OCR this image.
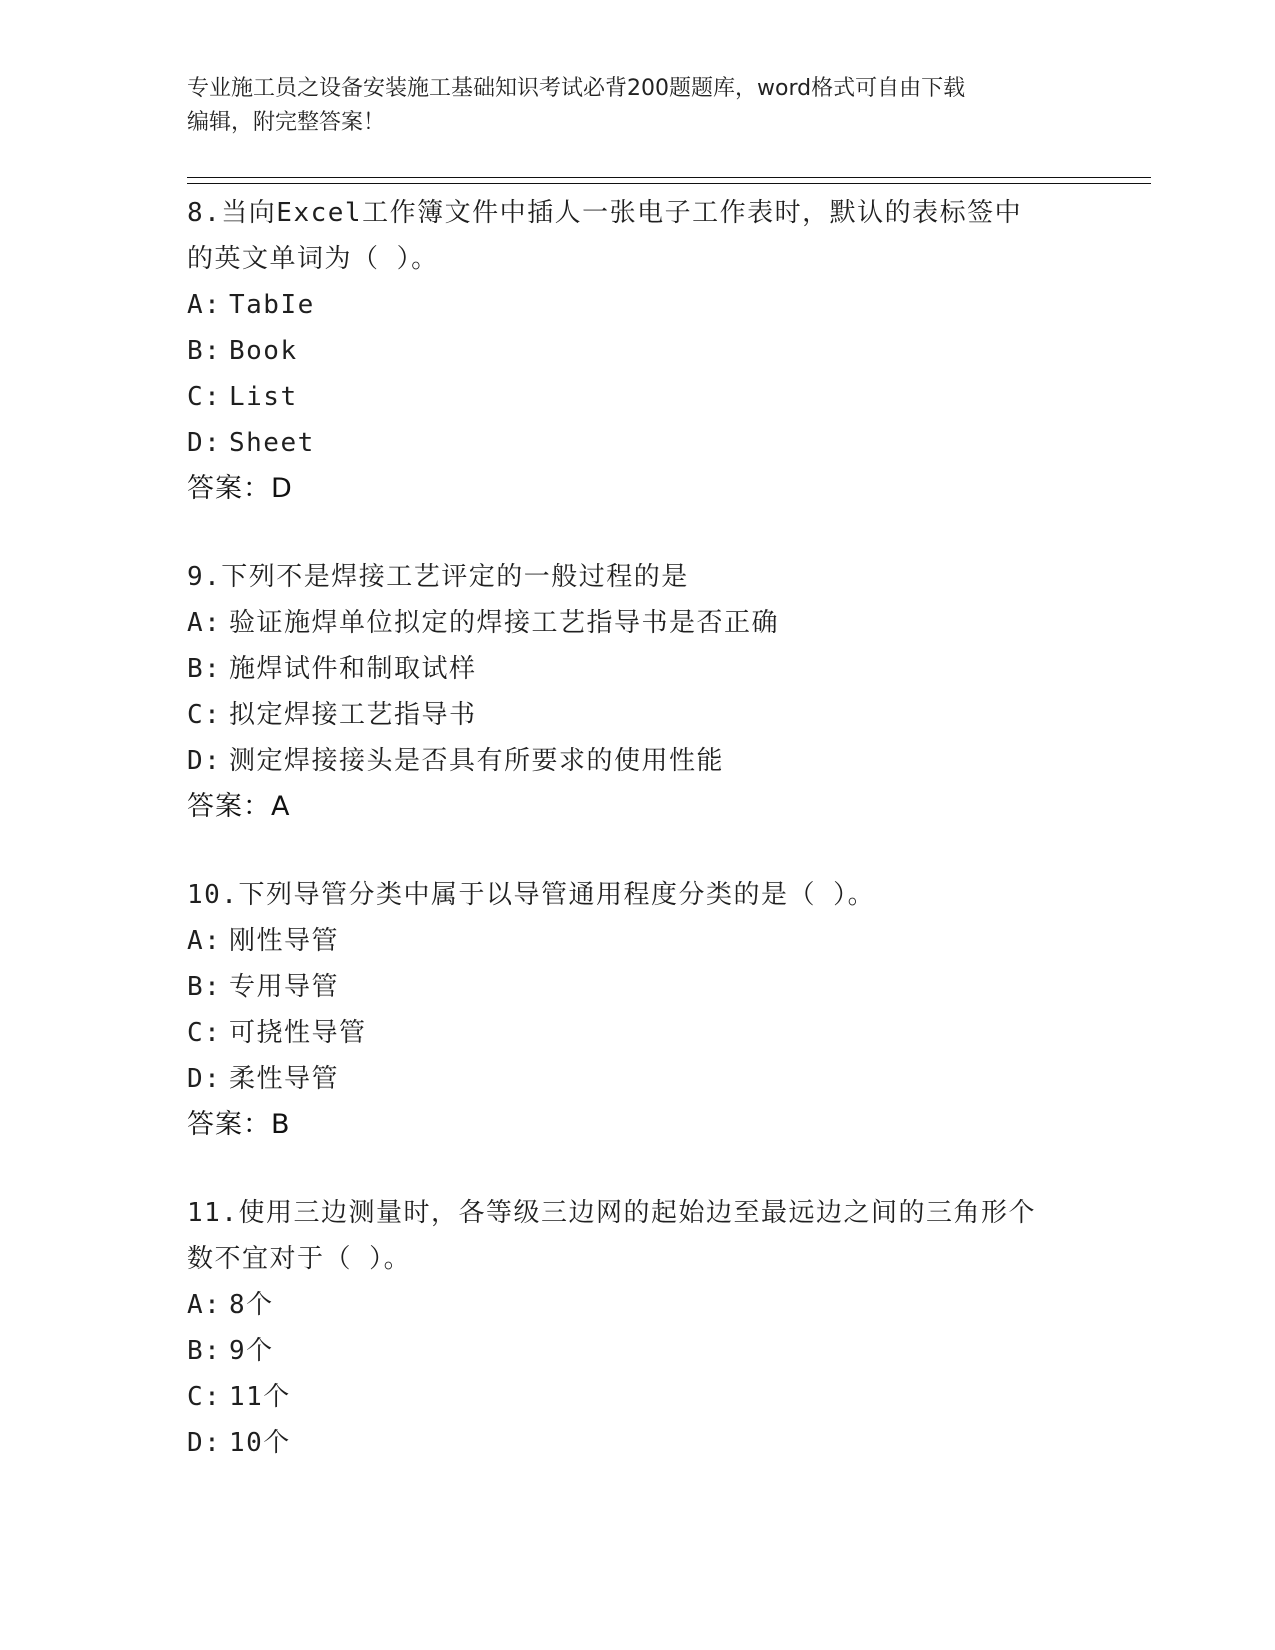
专业施工员之设备安装施工基础知识考试必背200题题库，word格式可自由下载
编辑，附完整答案！
8.当向Excel工作簿文件中插人一张电子工作表时，默认的表标签中
的英文单词为（ ）。
A: TabIe
B: Book
C: List
D: Sheet
答案：D
9.下列不是焊接工艺评定的一般过程的是
A: 验证施焊单位拟定的焊接工艺指导书是否正确
B: 施焊试件和制取试样
C: 拟定焊接工艺指导书
D: 测定焊接接头是否具有所要求的使用性能
答案：A
10.下列导管分类中属于以导管通用程度分类的是（ ）。
A: 刚性导管
B: 专用导管
C: 可挠性导管
D: 柔性导管
答案：B
11.使用三边测量时，各等级三边网的起始边至最远边之间的三角形个
数不宜对于（ ）。
A: 8个
B: 9个
C: 11个
D: 10个
